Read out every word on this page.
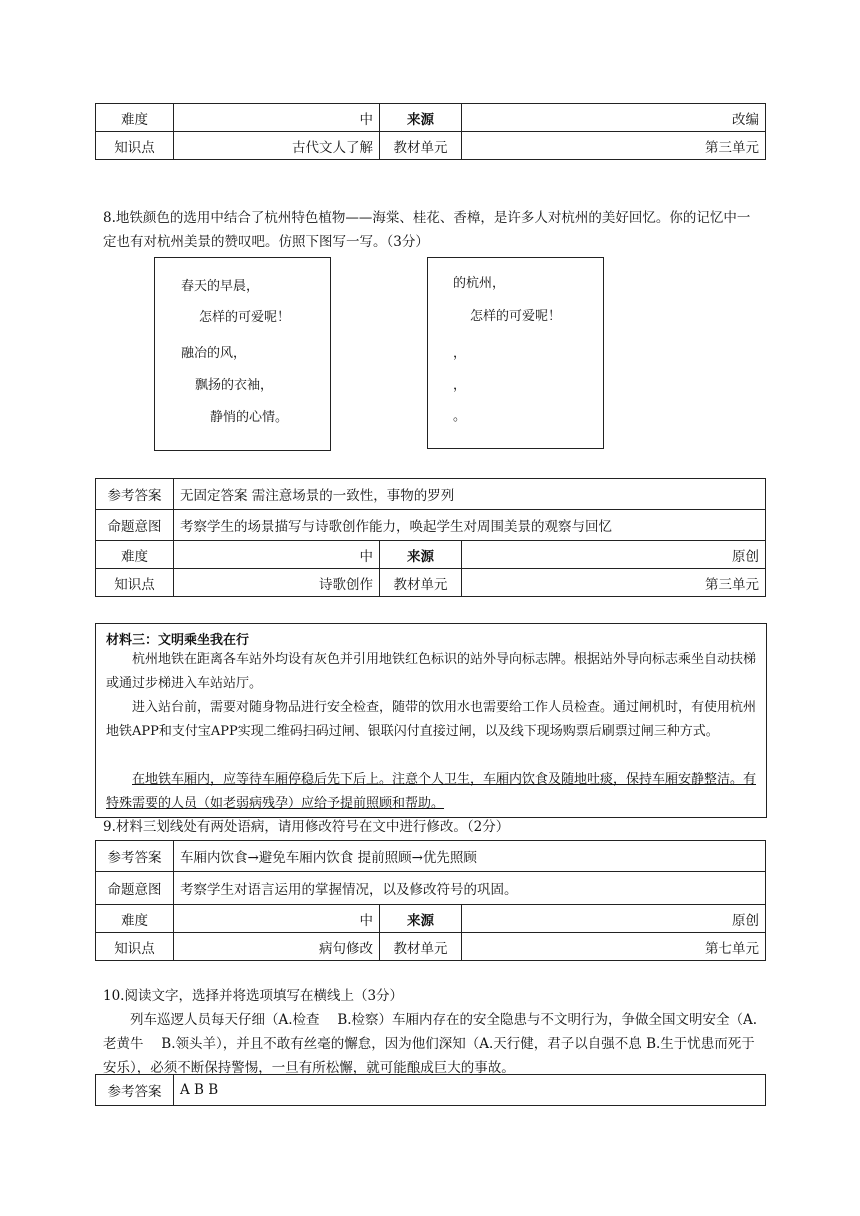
难度	中	来源	改编
知识点	古代文人了解	教材单元	第三单元
8.地铁颜色的选用中结合了杭州特色植物——海棠、桂花、香樟，是许多人对杭州的美好回忆。你的记忆中一定也有对杭州美景的赞叹吧。仿照下图写一写。（3分）
春天的早晨，
怎样的可爱呢！
融冶的风，
飘扬的衣袖，
静悄的心情。
的杭州，
怎样的可爱呢！
，
，
。
参考答案	无固定答案 需注意场景的一致性，事物的罗列		
命题意图	考察学生的场景描写与诗歌创作能力，唤起学生对周围美景的观察与回忆		
难度	中	来源	原创
知识点	诗歌创作	教材单元	第三单元
材料三：文明乘坐我在行
杭州地铁在距离各车站外均设有灰色并引用地铁红色标识的站外导向标志牌。根据站外导向标志乘坐自动扶梯或通过步梯进入车站站厅。
进入站台前，需要对随身物品进行安全检查，随带的饮用水也需要给工作人员检查。通过闸机时，有使用杭州地铁APP和支付宝APP实现二维码扫码过闸、银联闪付直接过闸，以及线下现场购票后刷票过闸三种方式。
在地铁车厢内，应等待车厢停稳后先下后上。注意个人卫生，车厢内饮食及随地吐痰，保持车厢安静整洁。有特殊需要的人员（如老弱病残孕）应给予提前照顾和帮助。
9.材料三划线处有两处语病，请用修改符号在文中进行修改。（2分）
参考答案	车厢内饮食→避免车厢内饮食 提前照顾→优先照顾		
命题意图	考察学生对语言运用的掌握情况，以及修改符号的巩固。		
难度	中	来源	原创
知识点	病句修改	教材单元	第七单元
10.阅读文字，选择并将选项填写在横线上（3分）
列车巡逻人员每天仔细（A.检查　 B.检察）车厢内存在的安全隐患与不文明行为，争做全国文明安全（A.老黄牛　 B.领头羊），并且不敢有丝毫的懈怠，因为他们深知（A.天行健，君子以自强不息 B.生于忧患而死于安乐），必须不断保持警惕，一旦有所松懈，就可能酿成巨大的事故。
参考答案	A B B
